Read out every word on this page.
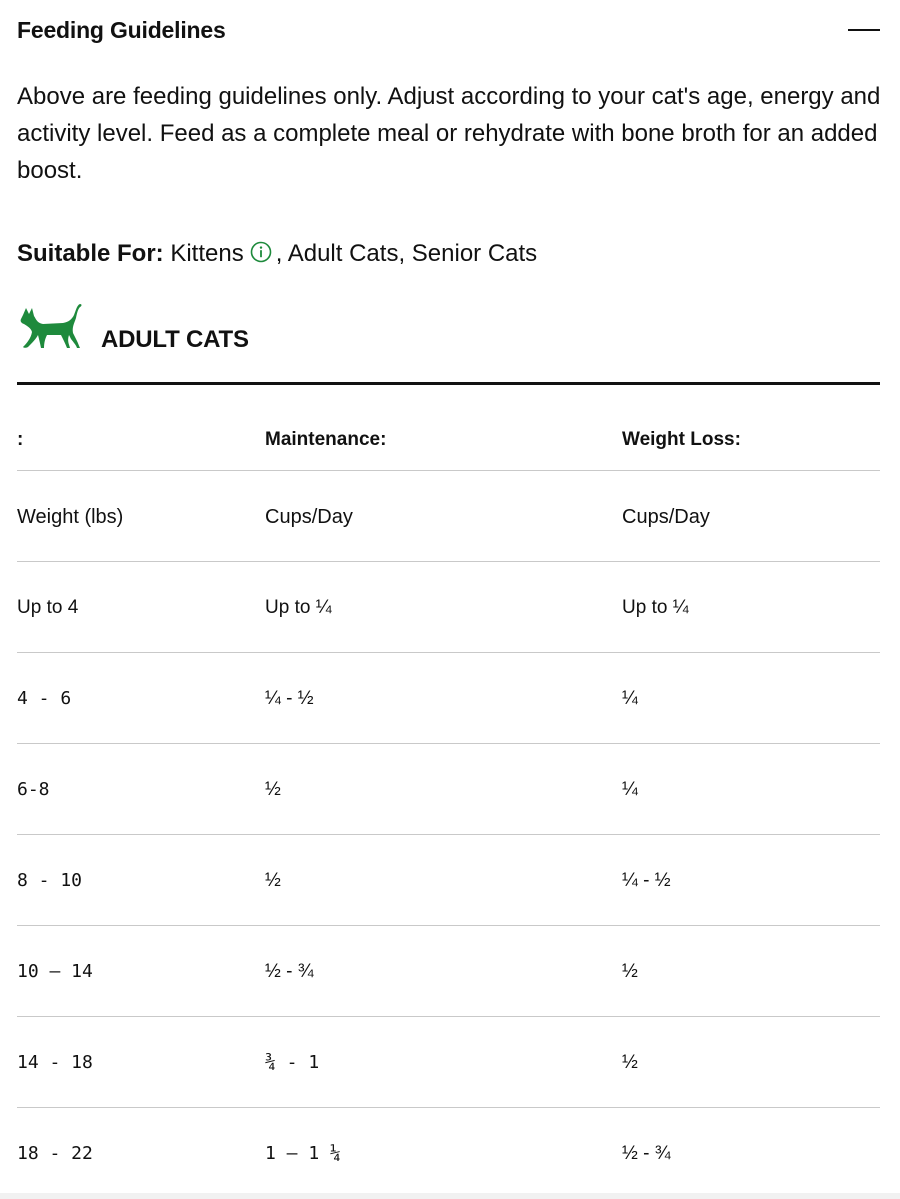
Feeding Guidelines

Above are feeding guidelines only. Adjust according to your cat's age, energy and activity level. Feed as a complete meal or rehydrate with bone broth for an added boost.

Suitable For: Kittens , Adult Cats, Senior Cats
ADULT CATS
:	Maintenance:	Weight Loss:
Weight (lbs)	Cups/Day	Cups/Day
Up to 4	Up to ¼	Up to ¼
4 - 6	¼ - ½	¼
6-8	½	¼
8 - 10	½	¼ - ½
10 – 14	½ - ¾	½
14 - 18	¾ - 1	½
18 - 22	1 – 1 ¼	½ - ¾
